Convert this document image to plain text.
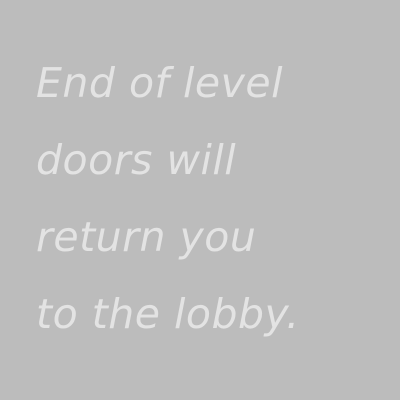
End of level
doors will
return you
to the lobby.
